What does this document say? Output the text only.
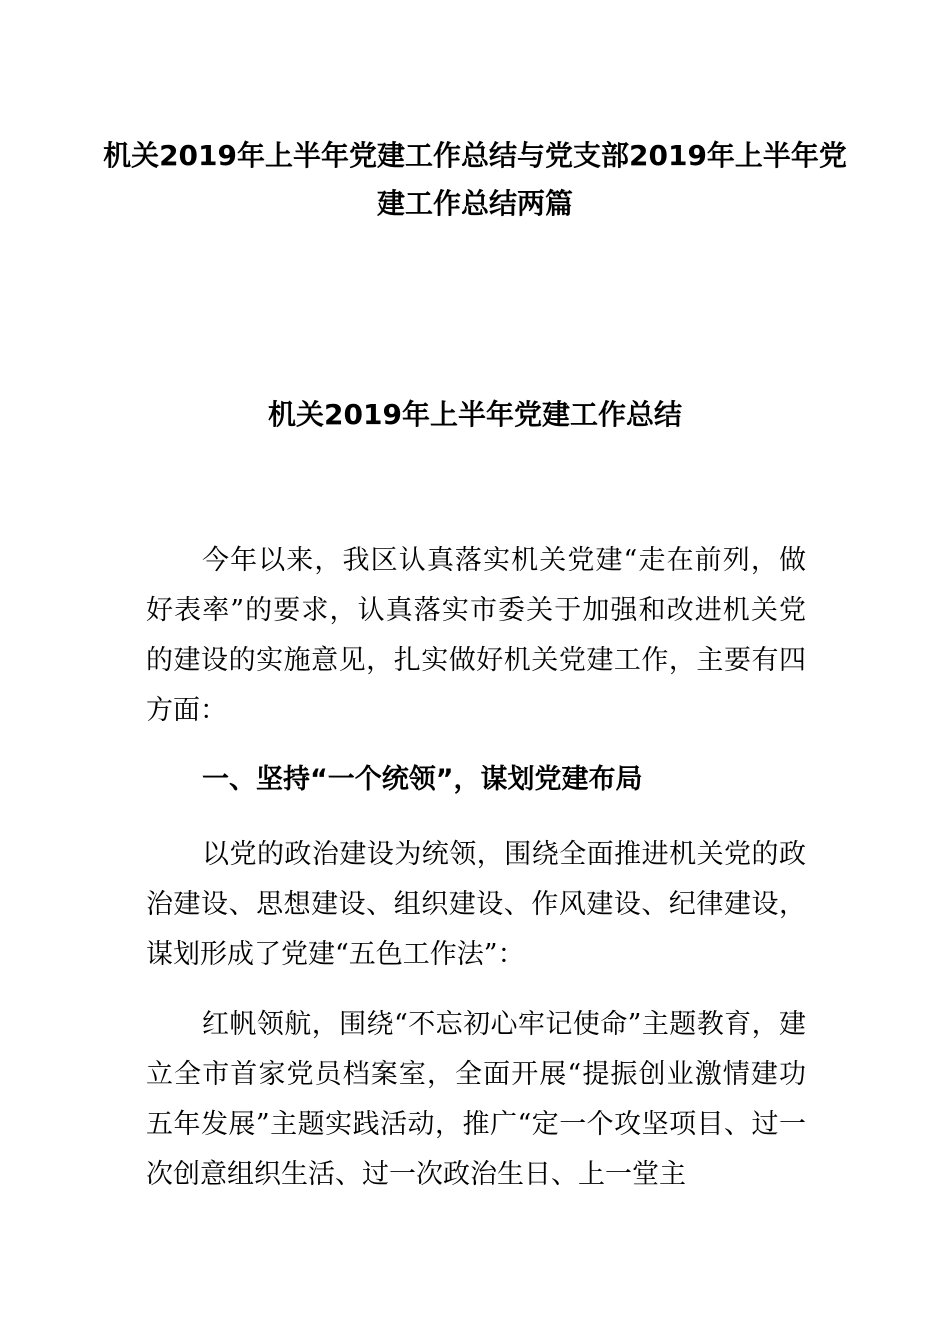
机关2019年上半年党建工作总结与党支部2019年上半年党建工作总结两篇
机关2019年上半年党建工作总结

今年以来，我区认真落实机关党建“走在前列，做好表率”的要求，认真落实市委关于加强和改进机关党的建设的实施意见，扎实做好机关党建工作，主要有四方面：

一、坚持“一个统领”，谋划党建布局

以党的政治建设为统领，围绕全面推进机关党的政治建设、思想建设、组织建设、作风建设、纪律建设，谋划形成了党建“五色工作法”：

红帆领航，围绕“不忘初心牢记使命”主题教育，建立全市首家党员档案室，全面开展“提振创业激情建功五年发展”主题实践活动，推广“定一个攻坚项目、过一次创意组织生活、过一次政治生日、上一堂主
